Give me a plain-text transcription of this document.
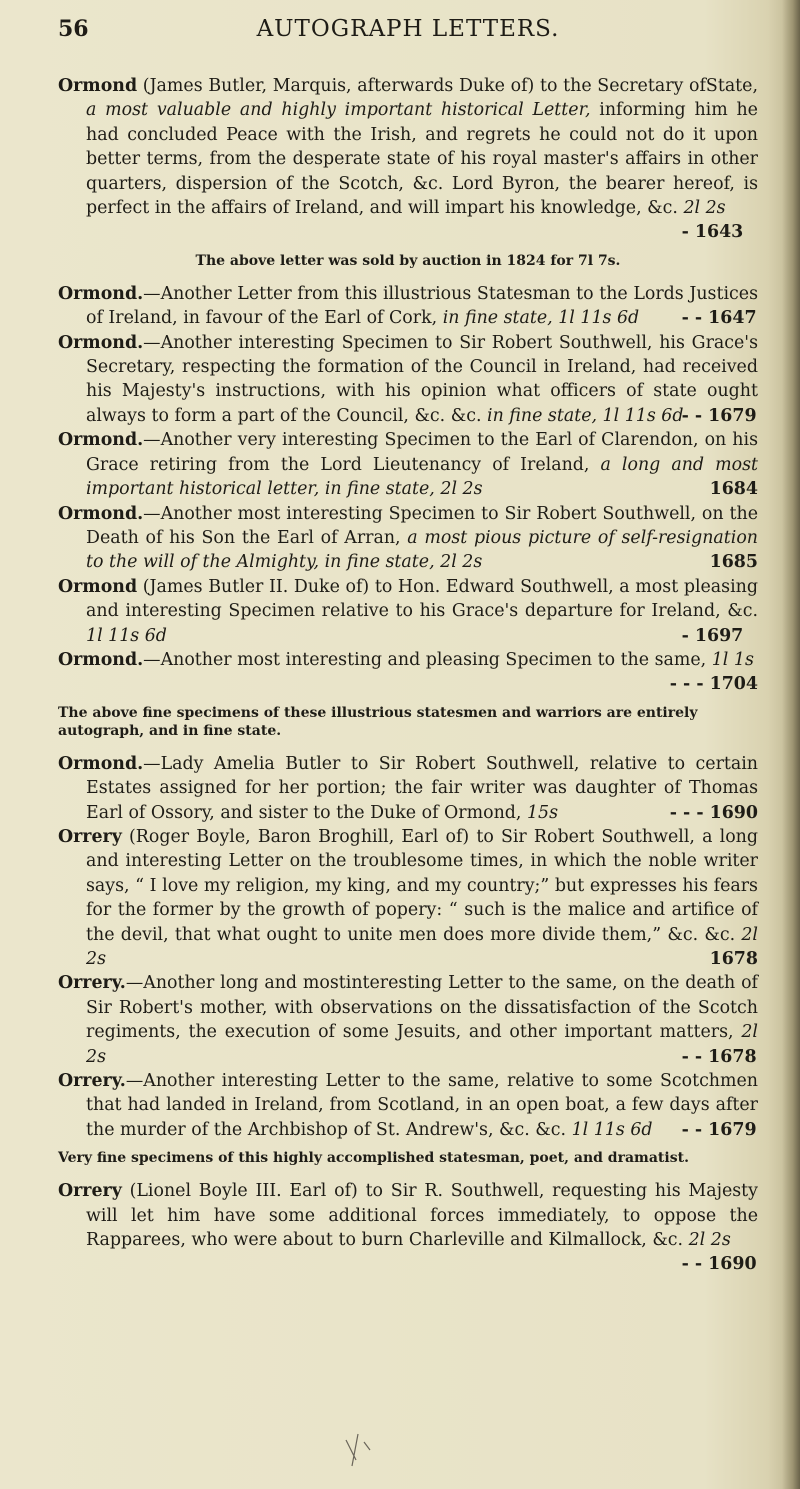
56	AUTOGRAPH LETTERS.

Ormond (James Butler, Marquis, afterwards Duke of) to the Secretary ofState, a most valuable and highly important historical Letter, informing him he had concluded Peace with the Irish, and regrets he could not do it upon better terms, from the desperate state of his royal master's affairs in other quarters, dispersion of the Scotch, &c. Lord Byron, the bearer hereof, is perfect in the affairs of Ireland, and will impart his knowledge, &c. 2l 2s
- 1643

The above letter was sold by auction in 1824 for 7l 7s.

Ormond.—Another Letter from this illustrious Statesman to the Lords Justices of Ireland, in favour of the Earl of Cork, in fine state, 1l 11s 6d - - 1647

Ormond.—Another interesting Specimen to Sir Robert Southwell, his Grace's Secretary, respecting the formation of the Council in Ireland, had received his Majesty's instructions, with his opinion what officers of state ought always to form a part of the Council, &c. &c. in fine state, 1l 11s 6d
- - 1679

Ormond.—Another very interesting Specimen to the Earl of Clarendon, on his Grace retiring from the Lord Lieutenancy of Ireland, a long and most important historical letter, in fine state, 2l 2s	1684

Ormond.—Another most interesting Specimen to Sir Robert Southwell, on the Death of his Son the Earl of Arran, a most pious picture of self-resignation to the will of the Almighty, in fine state, 2l 2s	1685

Ormond (James Butler II. Duke of) to Hon. Edward Southwell, a most pleasing and interesting Specimen relative to his Grace's departure for Ireland, &c. 1l 11s 6d	- 1697

Ormond.—Another most interesting and pleasing Specimen to the same, 1l 1s
- - - 1704

The above fine specimens of these illustrious statesmen and warriors are entirely autograph, and in fine state.

Ormond.—Lady Amelia Butler to Sir Robert Southwell, relative to certain Estates assigned for her portion; the fair writer was daughter of Thomas Earl of Ossory, and sister to the Duke of Ormond, 15s	- - - 1690

Orrery (Roger Boyle, Baron Broghill, Earl of) to Sir Robert Southwell, a long and interesting Letter on the troublesome times, in which the noble writer says, “ I love my religion, my king, and my country;” but expresses his fears for the former by the growth of popery: “ such is the malice and artifice of the devil, that what ought to unite men does more divide them,” &c. &c. 2l 2s	1678

Orrery.—Another long and mostinteresting Letter to the same, on the death of Sir Robert's mother, with observations on the dissatisfaction of the Scotch regiments, the execution of some Jesuits, and other important matters, 2l 2s	- - 1678

Orrery.—Another interesting Letter to the same, relative to some Scotchmen that had landed in Ireland, from Scotland, in an open boat, a few days after the murder of the Archbishop of St. Andrew's, &c. &c. 1l 11s 6d - - 1679

Very fine specimens of this highly accomplished statesman, poet, and dramatist.

Orrery (Lionel Boyle III. Earl of) to Sir R. Southwell, requesting his Majesty will let him have some additional forces immediately, to oppose the Rapparees, who were about to burn Charleville and Kilmallock, &c. 2l 2s
- - 1690
